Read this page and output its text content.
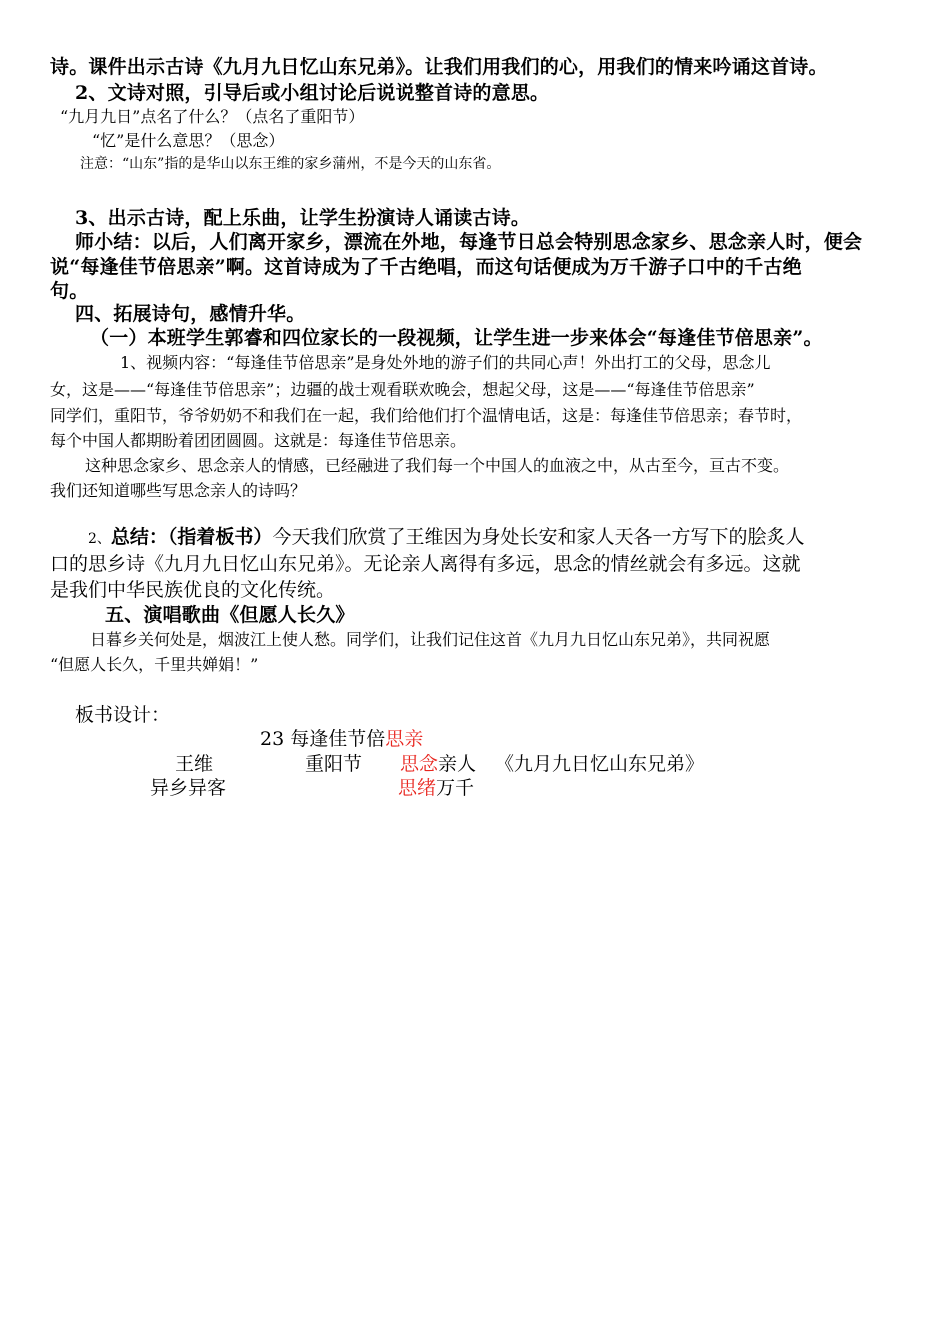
诗。课件出示古诗《九月九日忆山东兄弟》。让我们用我们的心，用我们的情来吟诵这首诗。
2、文诗对照，引导后或小组讨论后说说整首诗的意思。
“九月九日”点名了什么？（点名了重阳节）
“忆”是什么意思？（思念）
注意：“山东”指的是华山以东王维的家乡蒲州，不是今天的山东省。
3、出示古诗，配上乐曲，让学生扮演诗人诵读古诗。
师小结：以后，人们离开家乡，漂流在外地，每逢节日总会特别思念家乡、思念亲人时，便会
说“每逢佳节倍思亲”啊。这首诗成为了千古绝唱，而这句话便成为万千游子口中的千古绝
句。
四、拓展诗句，感情升华。
（一）本班学生郭睿和四位家长的一段视频，让学生进一步来体会“每逢佳节倍思亲”。
1、视频内容：“每逢佳节倍思亲”是身处外地的游子们的共同心声！外出打工的父母，思念儿
女，这是——“每逢佳节倍思亲”；边疆的战士观看联欢晚会，想起父母，这是——“每逢佳节倍思亲”
同学们，重阳节，爷爷奶奶不和我们在一起，我们给他们打个温情电话，这是：每逢佳节倍思亲；春节时，
每个中国人都期盼着团团圆圆。这就是：每逢佳节倍思亲。
这种思念家乡、思念亲人的情感，已经融进了我们每一个中国人的血液之中，从古至今，亘古不变。
我们还知道哪些写思念亲人的诗吗？
2、总结：（指着板书）今天我们欣赏了王维因为身处长安和家人天各一方写下的脍炙人
口的思乡诗《九月九日忆山东兄弟》。无论亲人离得有多远，思念的情丝就会有多远。这就
是我们中华民族优良的文化传统。
五、演唱歌曲《但愿人长久》
日暮乡关何处是，烟波江上使人愁。同学们，让我们记住这首《九月九日忆山东兄弟》，共同祝愿
“但愿人长久，千里共婵娟！”
板书设计：
23 每逢佳节倍思亲
王维	重阳节 思念亲人 《九月九日忆山东兄弟》
异乡异客	思绪万千
